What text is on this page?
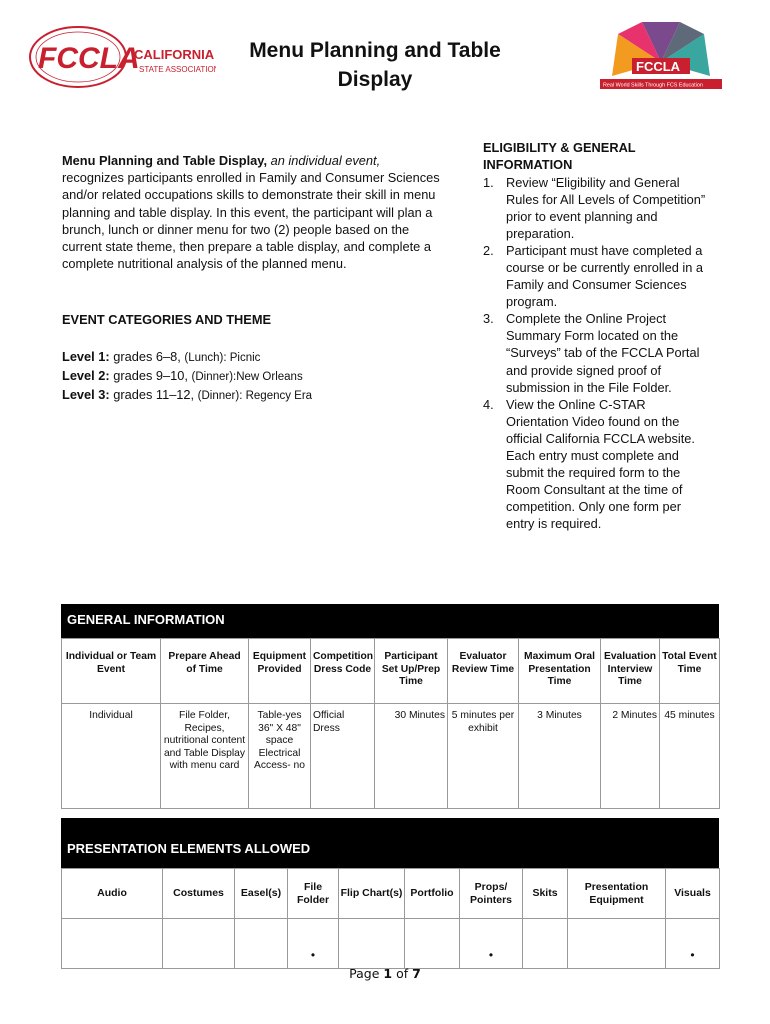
FCCLA
CALIFORNIA
STATE ASSOCIATION	FCCLA
Real World Skills Through FCS Education
Menu Planning and Table
Display
Menu Planning and Table Display, an individual event, recognizes participants enrolled in Family and Consumer Sciences and/or related occupations skills to demonstrate their skill in menu planning and table display. In this event, the participant will plan a brunch, lunch or dinner menu for two (2) people based on the current state theme, then prepare a table display, and complete a complete nutritional analysis of the planned menu.
EVENT CATEGORIES AND THEME
Level 1: grades 6–8, (Lunch): Picnic
Level 2: grades 9–10, (Dinner):New Orleans
Level 3: grades 11–12, (Dinner): Regency Era
ELIGIBILITY & GENERAL
INFORMATION
1. Review “Eligibility and General Rules for All Levels of Competition” prior to event planning and preparation.
2. Participant must have completed a course or be currently enrolled in a Family and Consumer Sciences program.
3. Complete the Online Project Summary Form located on the “Surveys” tab of the FCCLA Portal and provide signed proof of submission in the File Folder.
4. View the Online C-STAR Orientation Video found on the official California FCCLA website. Each entry must complete and submit the required form to the Room Consultant at the time of competition. Only one form per entry is required.
GENERAL INFORMATION
Individual or Team Event	Prepare Ahead of Time	Equipment Provided	Competition Dress Code	Participant Set Up/Prep Time	Evaluator Review Time	Maximum Oral Presentation Time	Evaluation Interview Time	Total Event Time
Individual	File Folder, Recipes, nutritional content and Table Display with menu card	Table-yes 36" X 48" space Electrical Access- no	Official Dress	30 Minutes	5 minutes per exhibit	3 Minutes	2 Minutes	45 minutes
PRESENTATION ELEMENTS ALLOWED
Audio	Costumes	Easel(s)	File Folder	Flip Chart(s)	Portfolio	Props/ Pointers	Skits	Presentation Equipment	Visuals
			•			•			•
Page 1 of 7
